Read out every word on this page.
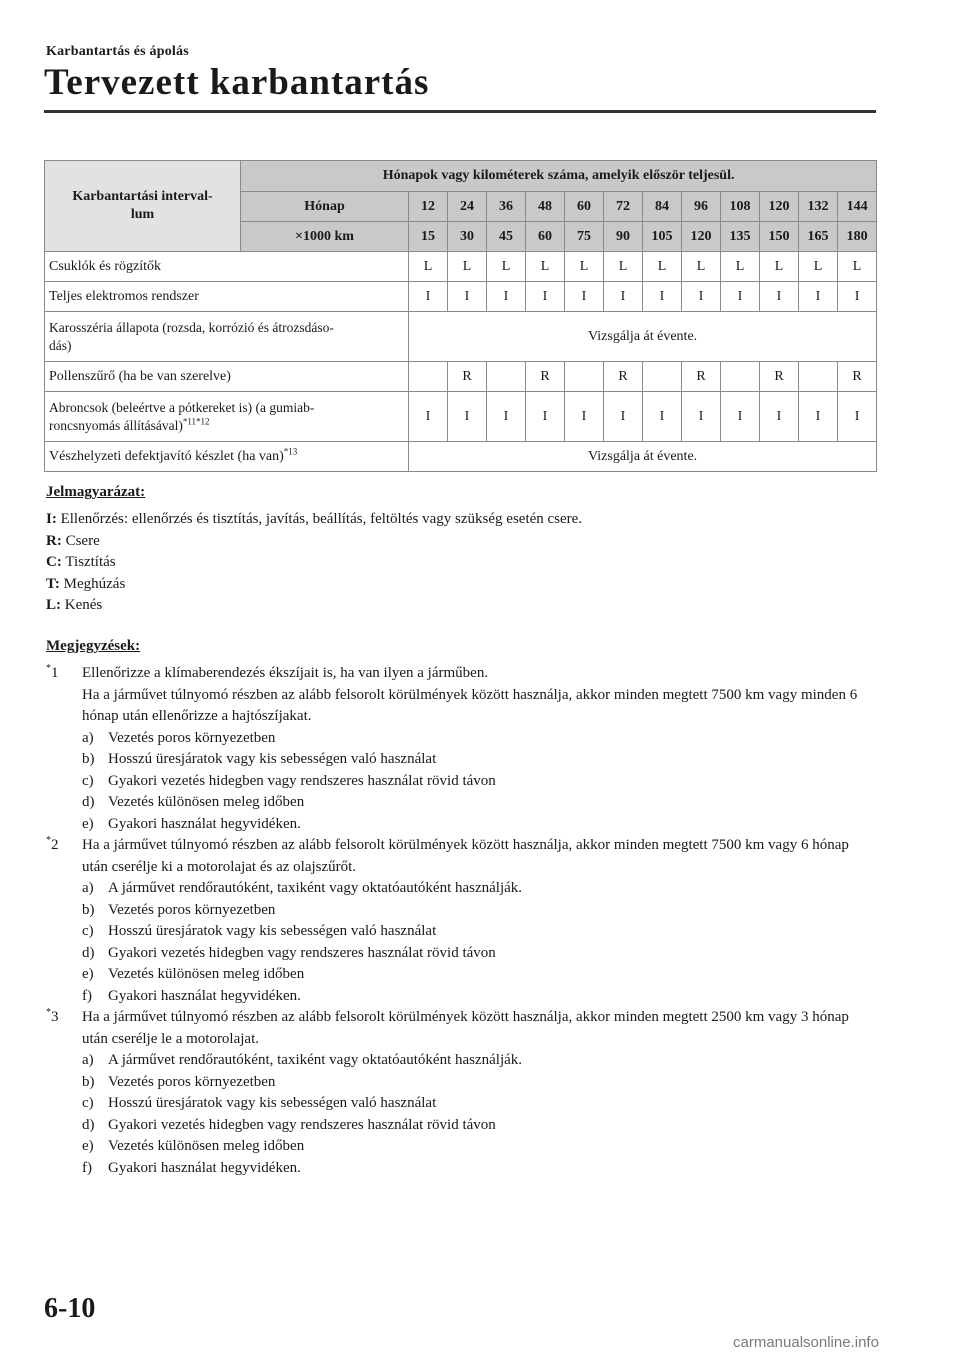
Karbantartás és ápolás
Tervezett karbantartás
Karbantartási interval-
lum	Hónapok vagy kilométerek száma, amelyik először teljesül.												
	Hónap	12	24	36	48	60	72	84	96	108	120	132	144
	×1000 km	15	30	45	60	75	90	105	120	135	150	165	180
Csuklók és rögzítők		L	L	L	L	L	L	L	L	L	L	L	L
Teljes elektromos rendszer		I	I	I	I	I	I	I	I	I	I	I	I
Karosszéria állapota (rozsda, korrózió és átrozsdáso-
dás)		Vizsgálja át évente.											
Pollenszűrő (ha be van szerelve)			R		R		R		R		R		R
Abroncsok (beleértve a pótkereket is) (a gumiab-
roncsnyomás állításával)$^{*11*12}$		I	I	I	I	I	I	I	I	I	I	I	I
Vészhelyzeti defektjavító készlet (ha van)$^{*13}$		Vizsgálja át évente.											
Jelmagyarázat:
I: Ellenőrzés: ellenőrzés és tisztítás, javítás, beállítás, feltöltés vagy szükség esetén csere.
R: Csere
C: Tisztítás
T: Meghúzás
L: Kenés
Megjegyzések:
*1 Ellenőrizze a klímaberendezés ékszíjait is, ha van ilyen a járműben.
Ha a járművet túlnyomó részben az alább felsorolt körülmények között használja, akkor minden megtett 7500 km vagy minden 6 hónap után ellenőrizze a hajtószíjakat.
a) Vezetés poros környezetben
b) Hosszú üresjáratok vagy kis sebességen való használat
c) Gyakori vezetés hidegben vagy rendszeres használat rövid távon
d) Vezetés különösen meleg időben
e) Gyakori használat hegyvidéken.
*2 Ha a járművet túlnyomó részben az alább felsorolt körülmények között használja, akkor minden megtett 7500 km vagy 6 hónap után cserélje ki a motorolajat és az olajszűrőt.
a) A járművet rendőrautóként, taxiként vagy oktatóautóként használják.
b) Vezetés poros környezetben
c) Hosszú üresjáratok vagy kis sebességen való használat
d) Gyakori vezetés hidegben vagy rendszeres használat rövid távon
e) Vezetés különösen meleg időben
f) Gyakori használat hegyvidéken.
*3 Ha a járművet túlnyomó részben az alább felsorolt körülmények között használja, akkor minden megtett 2500 km vagy 3 hónap után cserélje le a motorolajat.
a) A járművet rendőrautóként, taxiként vagy oktatóautóként használják.
b) Vezetés poros környezetben
c) Hosszú üresjáratok vagy kis sebességen való használat
d) Gyakori vezetés hidegben vagy rendszeres használat rövid távon
e) Vezetés különösen meleg időben
f) Gyakori használat hegyvidéken.
6-10
carmanualsonline.info
